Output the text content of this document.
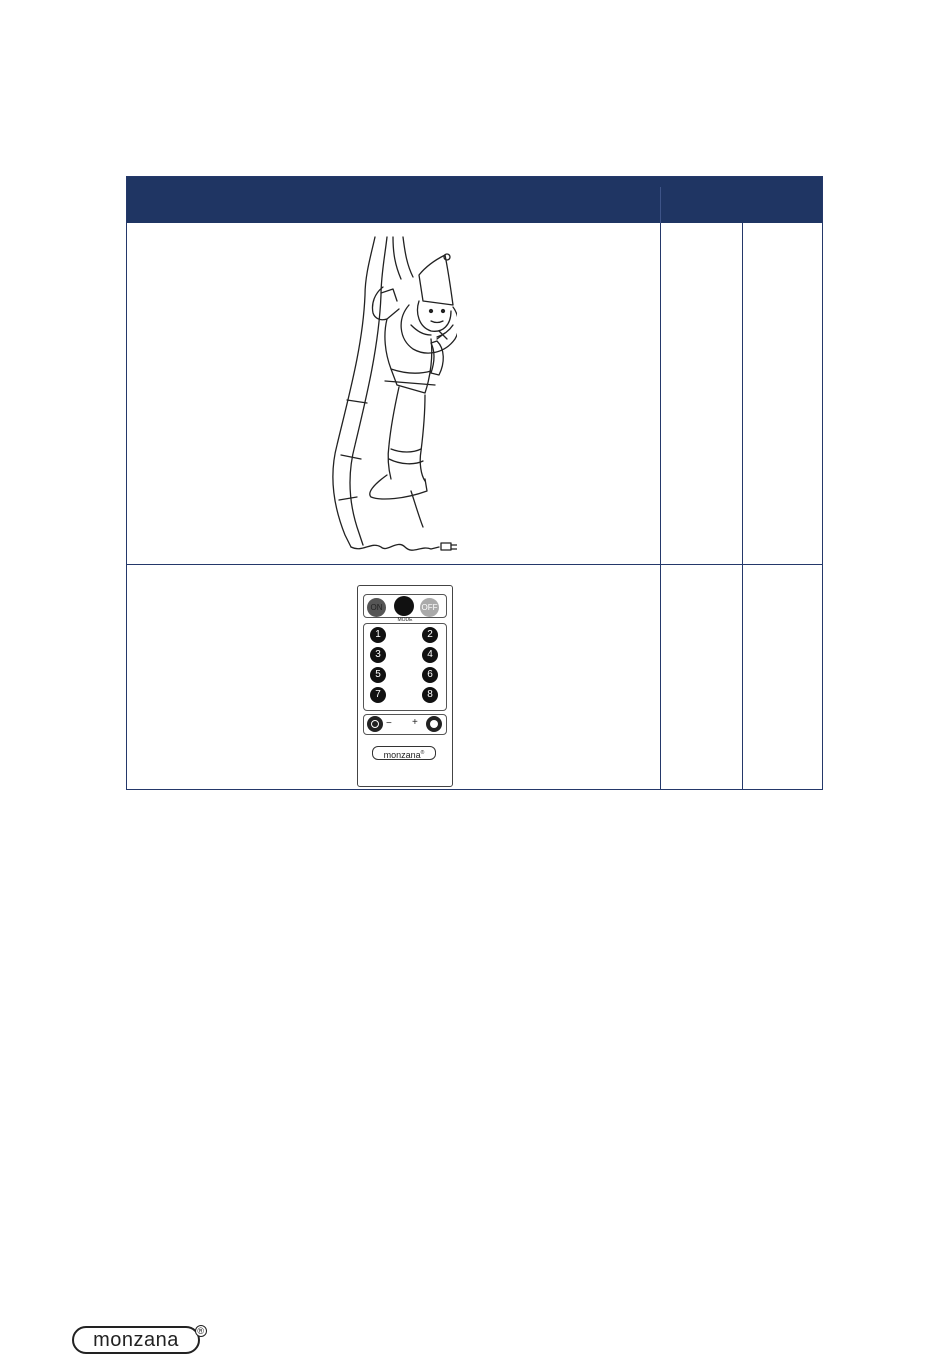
ON	OFF
MODE
− +
monzana®
1	2
3	4
5	6
7	8
monzana ®
